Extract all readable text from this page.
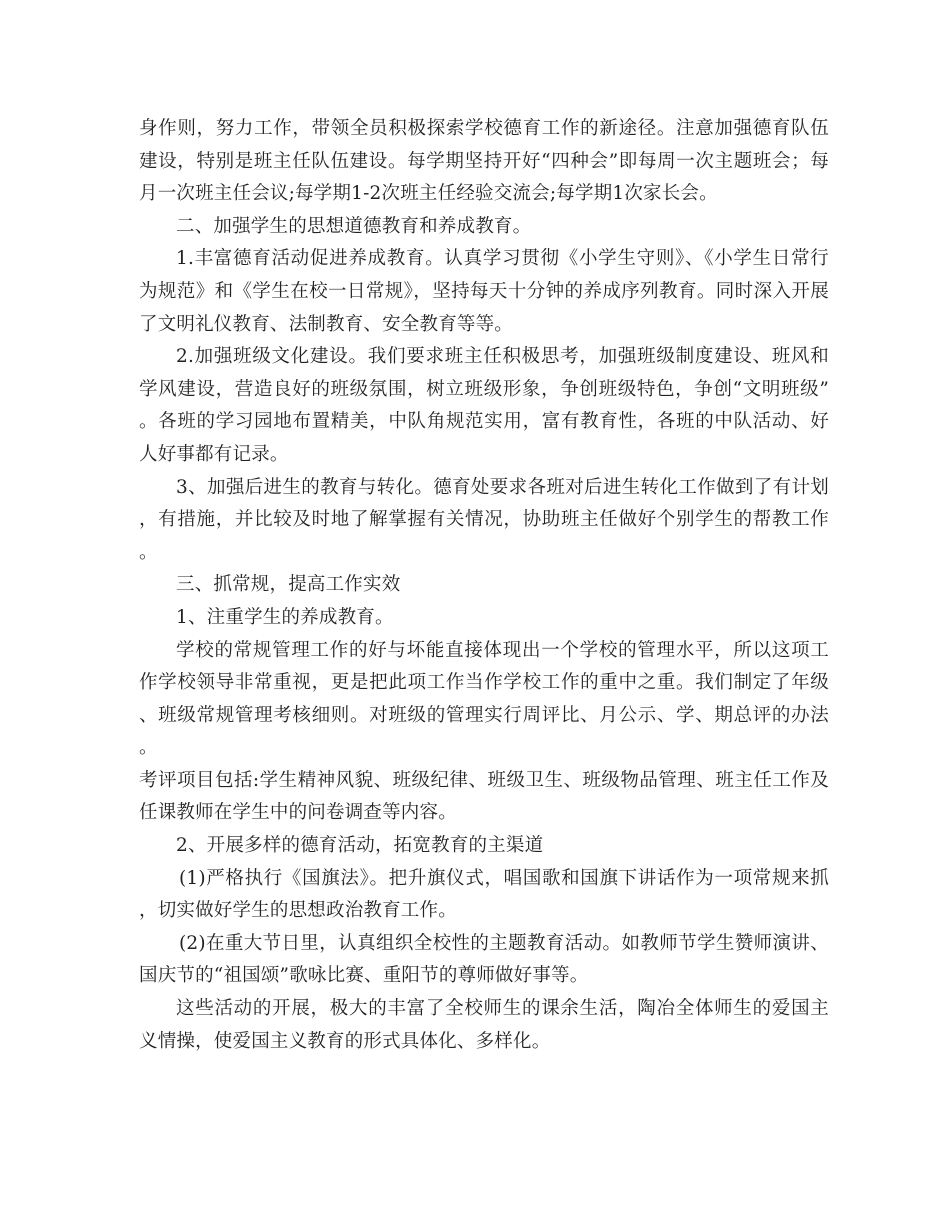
身作则，努力工作，带领全员积极探索学校德育工作的新途径。注意加强德育队伍建设，特别是班主任队伍建设。每学期坚持开好“四种会”即每周一次主题班会；每月一次班主任会议;每学期1-2次班主任经验交流会;每学期1次家长会。

二、加强学生的思想道德教育和养成教育。

1.丰富德育活动促进养成教育。认真学习贯彻《小学生守则》、《小学生日常行为规范》和《学生在校一日常规》，坚持每天十分钟的养成序列教育。同时深入开展了文明礼仪教育、法制教育、安全教育等等。

2.加强班级文化建设。我们要求班主任积极思考，加强班级制度建设、班风和学风建设，营造良好的班级氛围，树立班级形象，争创班级特色，争创“文明班级”。各班的学习园地布置精美，中队角规范实用，富有教育性，各班的中队活动、好人好事都有记录。

3、加强后进生的教育与转化。德育处要求各班对后进生转化工作做到了有计划，有措施，并比较及时地了解掌握有关情况，协助班主任做好个别学生的帮教工作。

三、抓常规，提高工作实效

1、注重学生的养成教育。

学校的常规管理工作的好与坏能直接体现出一个学校的管理水平，所以这项工作学校领导非常重视，更是把此项工作当作学校工作的重中之重。我们制定了年级、班级常规管理考核细则。对班级的管理实行周评比、月公示、学、期总评的办法。

考评项目包括:学生精神风貌、班级纪律、班级卫生、班级物品管理、班主任工作及任课教师在学生中的问卷调查等内容。

2、开展多样的德育活动，拓宽教育的主渠道

(1)严格执行《国旗法》。把升旗仪式，唱国歌和国旗下讲话作为一项常规来抓，切实做好学生的思想政治教育工作。

(2)在重大节日里，认真组织全校性的主题教育活动。如教师节学生赞师演讲、国庆节的“祖国颂”歌咏比赛、重阳节的尊师做好事等。

这些活动的开展，极大的丰富了全校师生的课余生活，陶冶全体师生的爱国主义情操，使爱国主义教育的形式具体化、多样化。
